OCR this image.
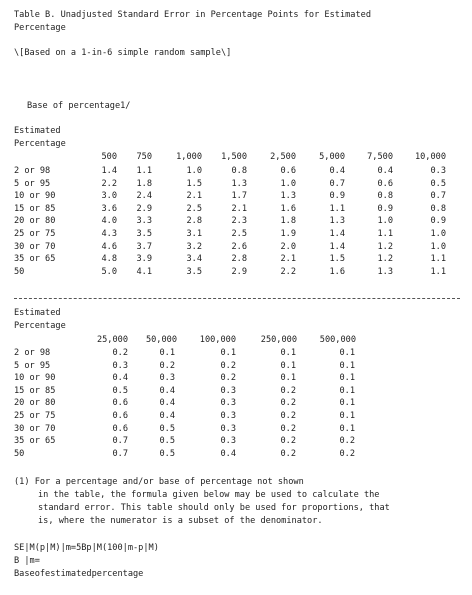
Table B. Unadjusted Standard Error in Percentage Points for Estimated
Percentage
\[Based on a 1-in-6 simple random sample\]
Base of percentage1/
Estimated
Percentage
500	750	1,000	1,500	2,500	5,000	7,500	10,000
2 or 98	1.4	1.1	1.0	0.8	0.6	0.4	0.4	0.3
5 or 95	2.2	1.8	1.5	1.3	1.0	0.7	0.6	0.5
10 or 90	3.0	2.4	2.1	1.7	1.3	0.9	0.8	0.7
15 or 85	3.6	2.9	2.5	2.1	1.6	1.1	0.9	0.8
20 or 80	4.0	3.3	2.8	2.3	1.8	1.3	1.0	0.9
25 or 75	4.3	3.5	3.1	2.5	1.9	1.4	1.1	1.0
30 or 70	4.6	3.7	3.2	2.6	2.0	1.4	1.2	1.0
35 or 65	4.8	3.9	3.4	2.8	2.1	1.5	1.2	1.1
50	5.0	4.1	3.5	2.9	2.2	1.6	1.3	1.1
Estimated
Percentage
25,000	50,000	100,000	250,000	500,000
2 or 98	0.2	0.1	0.1	0.1	0.1
5 or 95	0.3	0.2	0.2	0.1	0.1
10 or 90	0.4	0.3	0.2	0.1	0.1
15 or 85	0.5	0.4	0.3	0.2	0.1
20 or 80	0.6	0.4	0.3	0.2	0.1
25 or 75	0.6	0.4	0.3	0.2	0.1
30 or 70	0.6	0.5	0.3	0.2	0.1
35 or 65	0.7	0.5	0.3	0.2	0.2
50	0.7	0.5	0.4	0.2	0.2
(1) For a percentage and/or base of percentage not shown
in the table, the formula given below may be used to calculate the
standard error. This table should only be used for proportions, that
is, where the numerator is a subset of the denominator.
SE|M(p|M)|m=5Bp|M(100|m-p|M)
B |m=
Baseofestimatedpercentage
